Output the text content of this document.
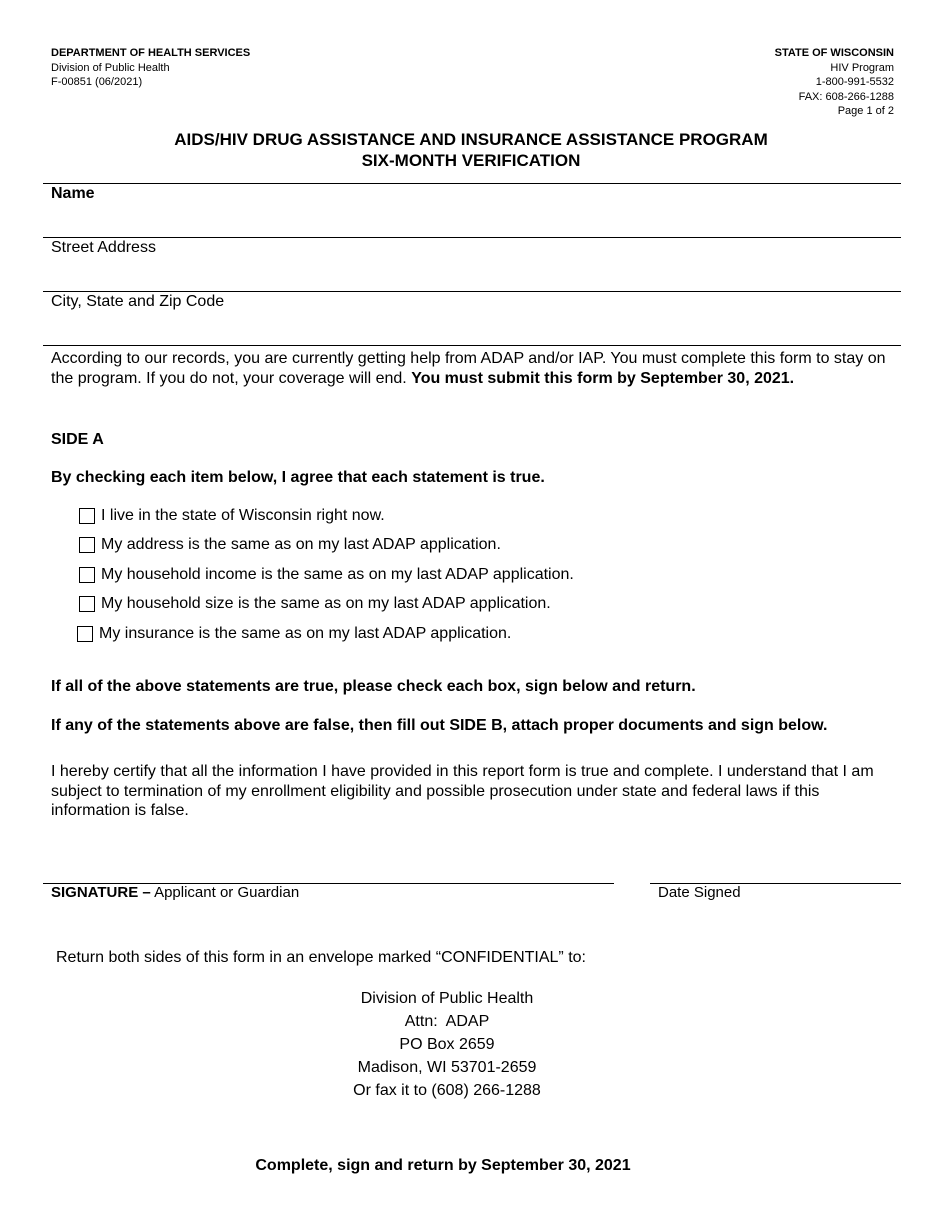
DEPARTMENT OF HEALTH SERVICES
Division of Public Health
F-00851 (06/2021)
STATE OF WISCONSIN
HIV Program
1-800-991-5532
FAX: 608-266-1288
Page 1 of 2
AIDS/HIV DRUG ASSISTANCE AND INSURANCE ASSISTANCE PROGRAM
SIX-MONTH VERIFICATION
Name
Street Address
City, State and Zip Code
According to our records, you are currently getting help from ADAP and/or IAP. You must complete this form to stay on the program. If you do not, your coverage will end. You must submit this form by September 30, 2021.
SIDE A
By checking each item below, I agree that each statement is true.
I live in the state of Wisconsin right now.
My address is the same as on my last ADAP application.
My household income is the same as on my last ADAP application.
My household size is the same as on my last ADAP application.
My insurance is the same as on my last ADAP application.
If all of the above statements are true, please check each box, sign below and return.
If any of the statements above are false, then fill out SIDE B, attach proper documents and sign below.
I hereby certify that all the information I have provided in this report form is true and complete. I understand that I am subject to termination of my enrollment eligibility and possible prosecution under state and federal laws if this information is false.
SIGNATURE – Applicant or Guardian	Date Signed
Return both sides of this form in an envelope marked “CONFIDENTIAL” to:
Division of Public Health
Attn:  ADAP
PO Box 2659
Madison, WI 53701-2659
Or fax it to (608) 266-1288
Complete, sign and return by September 30, 2021
